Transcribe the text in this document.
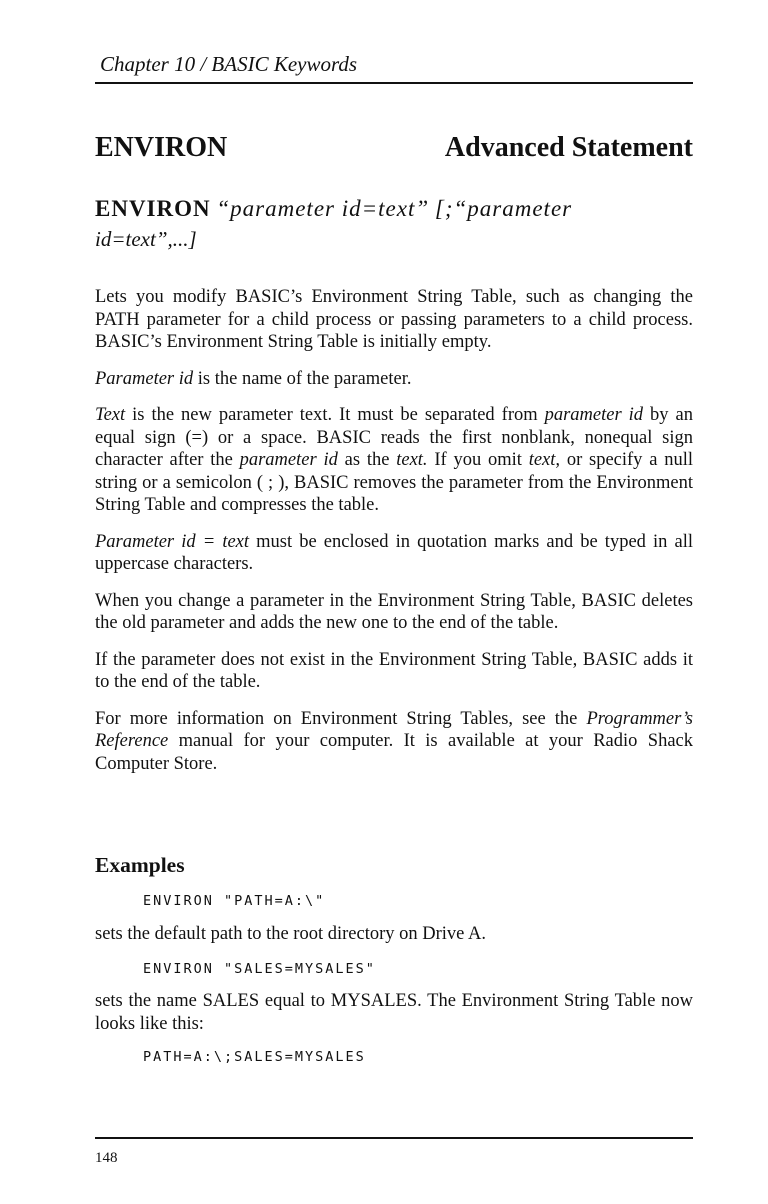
Chapter 10 / BASIC Keywords
ENVIRON	Advanced Statement
ENVIRON “parameter id=text” [;“parameter
id=text”,...]

Lets you modify BASIC’s Environment String Table, such as changing the PATH parameter for a child process or passing parameters to a child process. BASIC’s Environment String Table is initially empty.

Parameter id is the name of the parameter.

Text is the new parameter text. It must be separated from parameter id by an equal sign (=) or a space. BASIC reads the first nonblank, nonequal sign character after the parameter id as the text. If you omit text, or specify a null string or a semicolon ( ; ), BASIC removes the parameter from the Environment String Table and compresses the table.

Parameter id = text must be enclosed in quotation marks and be typed in all uppercase characters.

When you change a parameter in the Environment String Table, BASIC deletes the old parameter and adds the new one to the end of the table.

If the parameter does not exist in the Environment String Table, BASIC adds it to the end of the table.

For more information on Environment String Tables, see the Programmer’s Reference manual for your computer. It is available at your Radio Shack Computer Store.

Examples
ENVIRON "PATH=A:\"
sets the default path to the root directory on Drive A.
ENVIRON "SALES=MYSALES"
sets the name SALES equal to MYSALES. The Environment String Table now looks like this:
PATH=A:\;SALES=MYSALES
148
